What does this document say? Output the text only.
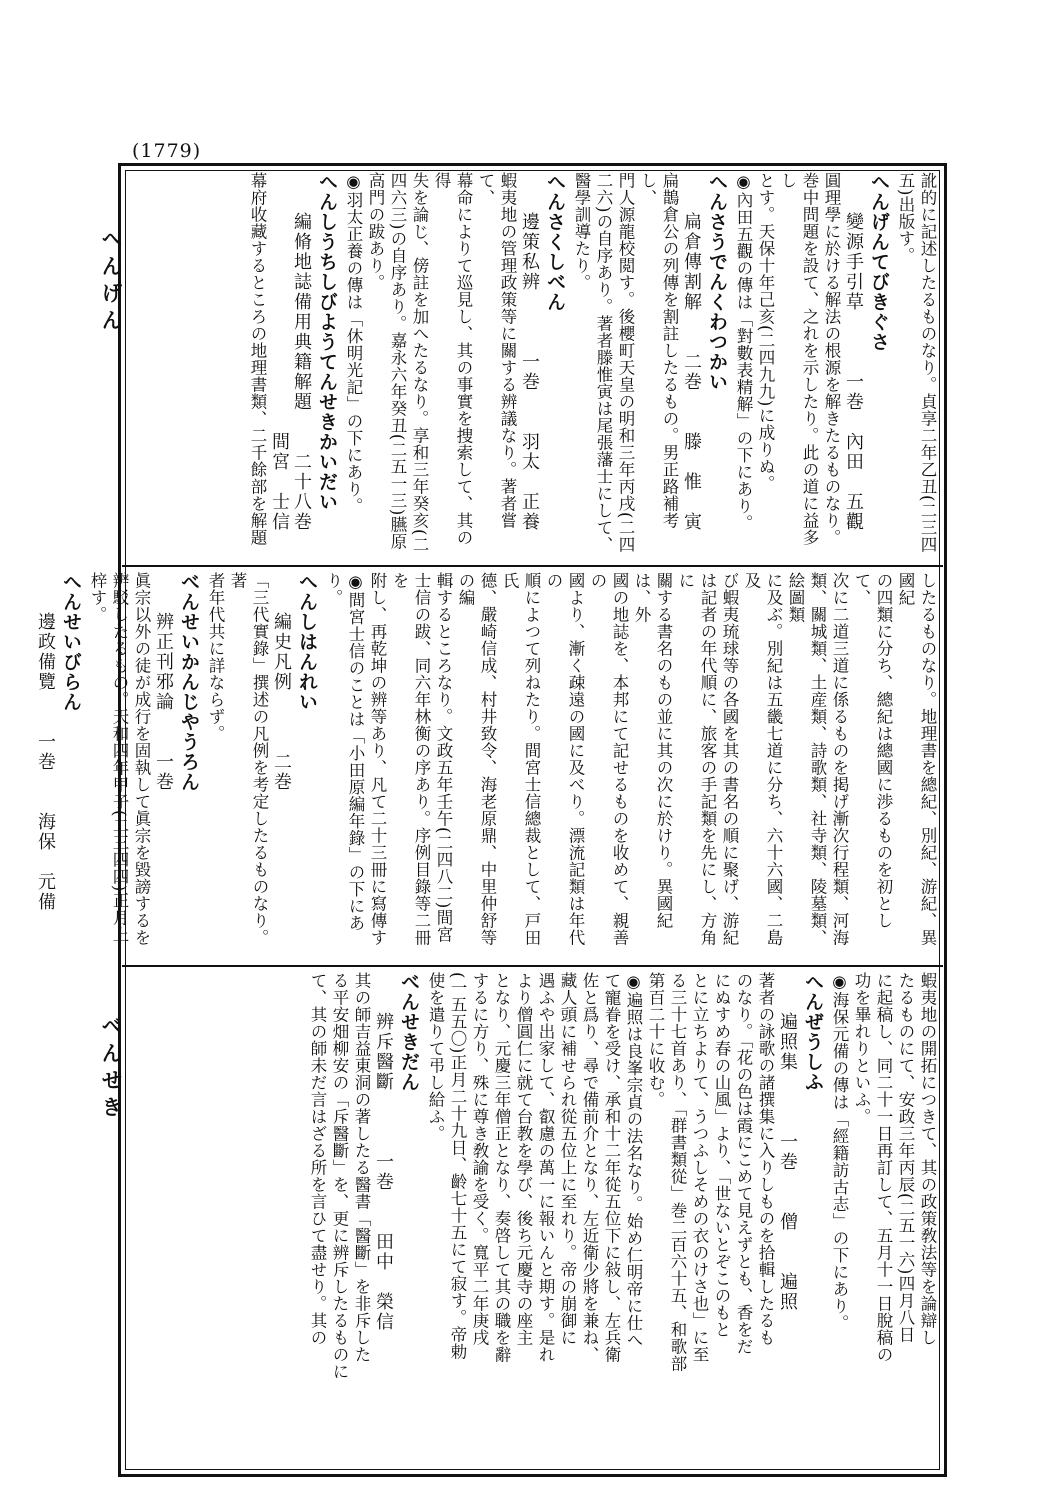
(1779)
へんげん
べんせき

訛的に記述したるものなり。貞享二年乙丑(二三四

五)出版す。

へんげんてびきぐさ

　　變源手引草　　　一巻　內田　五觀

圓理學に於ける解法の根源を解きたるものなり。

巻中問題を設て、之れを示したり。此の道に益多し

とす。天保十年己亥(二四九九)に成りぬ。

◉內田五觀の傳は「對數表精解」の下にあり。

へんさうでんくわつかい

　　扁倉傳割解　　二巻　　滕　惟　寅

扁鵲倉公の列傳を割註したるもの。男正路補考し、

門人源龍校閲す。後櫻町天皇の明和三年丙戌(二四

二六)の自序あり。著者滕惟寅は尾張藩士にして、

醫學訓導たり。

へんさくしべん

　　邊策私辨　　　一巻　　羽太　正養

蝦夷地の管理政策等に關する辨議なり。著者嘗て、

幕命によりて巡見し、其の事實を捜索して、其の得

失を論じ、傍註を加へたるなり。享和三年癸亥(二

四六三)の自序あり。嘉永六年癸丑(二五一三)臙原

高門の跋あり。

◉羽太正養の傳は「休明光記」の下にあり。

へんしうちしびようてんせきかいだい

　　編脩地誌備用典籍解題　　二十八巻

　　　　　　　　　　　　　間宮　士信

幕府收藏するところの地理書類、二千餘部を解題

したるものなり。地理書を總紀、別紀、游紀、異國紀

の四類に分ち、總紀は總國に渉るものを初として、

次に二道三道に係るものを掲げ漸次行程類、河海

類、關城類、土産類、詩歌類、社寺類、陵墓類、絵圖類

に及ぶ。別紀は五畿七道に分ち、六十六國、二島及

び蝦夷琉球等の各國を其の書名の順に聚げ、游紀

は記者の年代順に、旅客の手記類を先にし、方角に

關する書名のもの並に其の次に於けり。異國紀は、外

國の地誌を、本邦にて記せるものを收めて、親善の

國より、漸く疎遠の國に及べり。漂流記類は年代の

順によつて列ねたり。間宮士信總裁として、戸田氏

德、嚴崎信成、村井致令、海老原鼎、中里仲舒等の編

輯するところなり。文政五年壬午(二四八二)間宮

士信の跋、同六年林衡の序あり。序例目錄等二冊を

附し、再乾坤の辨等あり、凡て二十三冊に寫傳す

◉間宮士信のことは「小田原編年錄」の下にあり。

へんしはんれい

　　編史凡例　　　二巻

「三代實錄」撰述の凡例を考定したるものなり。著

者年代共に詳ならず。

べんせいかんじやうろん

　　辨正刊邪論　　一巻

眞宗以外の徒が成行を固執して眞宗を毀謗するを

辨駁したるもの。天和四年甲子(二三四四)正月上

梓す。

へんせいびらん

　　邊政備覽　　一巻　　海保　元備

蝦夷地の開拓につきて、其の政策敎法等を論辯し

たるものにて、安政三年丙辰(二五一六)四月八日

に起稿し、同二十一日再訂して、五月十一日脫稿の

功を畢れりといふ。

◉海保元備の傳は「經籍訪古志」の下にあり。

へんぜうしふ

　　遍照集　　　一巻　　僧　　遍照

著者の詠歌の諸撰集に入りしものを拾輯したるも

のなり。「花の色は霞にこめて見えずとも、香をだ

にぬすめ春の山風」より、「世ないとぞこのもと

とに立ちよりて、うつふしそめの衣のけさ也」に至

る三十七首あり、「群書類從」巻二百六十五、和歌部

第百二十に收む。

◉遍照は良峯宗貞の法名なり。始め仁明帝に仕へ

て寵眷を受け、承和十二年從五位下に敍し、左兵衛

佐と爲り、尋で備前介となり、左近衛少將を兼ね、

藏人頭に補せられ從五位上に至れり。帝の崩御に

遇ふや出家して、叡慮の萬一に報いんと期す。是れ

より僧圓仁に就て台教を學び、後ち元慶寺の座主

となり、元慶三年僧正となり、奏啓して其の職を辭

するに方り、殊に尊き敎諭を受く。寬平二年庚戌

(一五五〇)正月二十九日、齡七十五にて寂す。帝勅

使を遣りて弔し給ふ。

べんせきだん

　　辨斥醫斷　　　一巻　　田中　榮信

其の師吉益東洞の著したる醫書「醫斷」を非斥した

る平安畑柳安の「斥醫斷」を、更に辨斥したるものに

て、其の師未だ言はざる所を言ひて盡せり。其の
